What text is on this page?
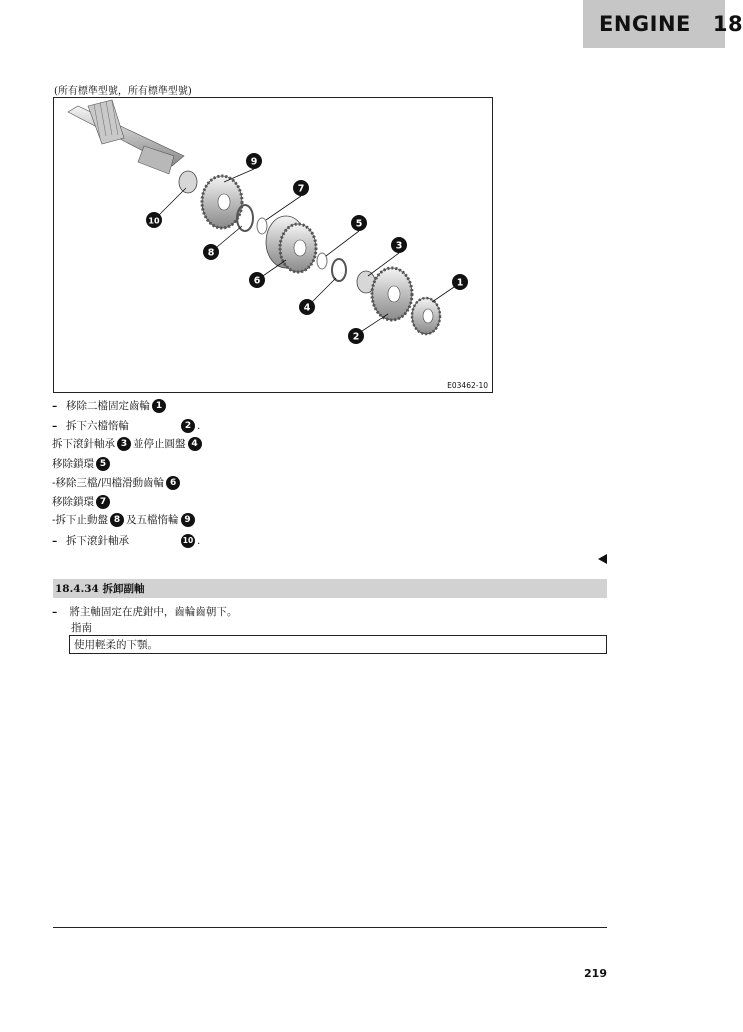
ENGINE 18
(所有標準型號，所有標準型號)
10
9
8
7
6
5
3
4
2
1
E03462-10
– 移除二檔固定齒輪 1
– 拆下六檔惰輪	2 .
拆下滾針軸承 3 並停止圓盤 4
移除鎖環 5
-移除三檔/四檔滑動齒輪 6
移除鎖環 7
-拆下止動盤 8 及五檔惰輪 9
– 拆下滾針軸承	10 .
18.4.34 拆卸副軸
– 將主軸固定在虎鉗中，齒輪齒朝下。
指南
使用輕柔的下顎。
219
